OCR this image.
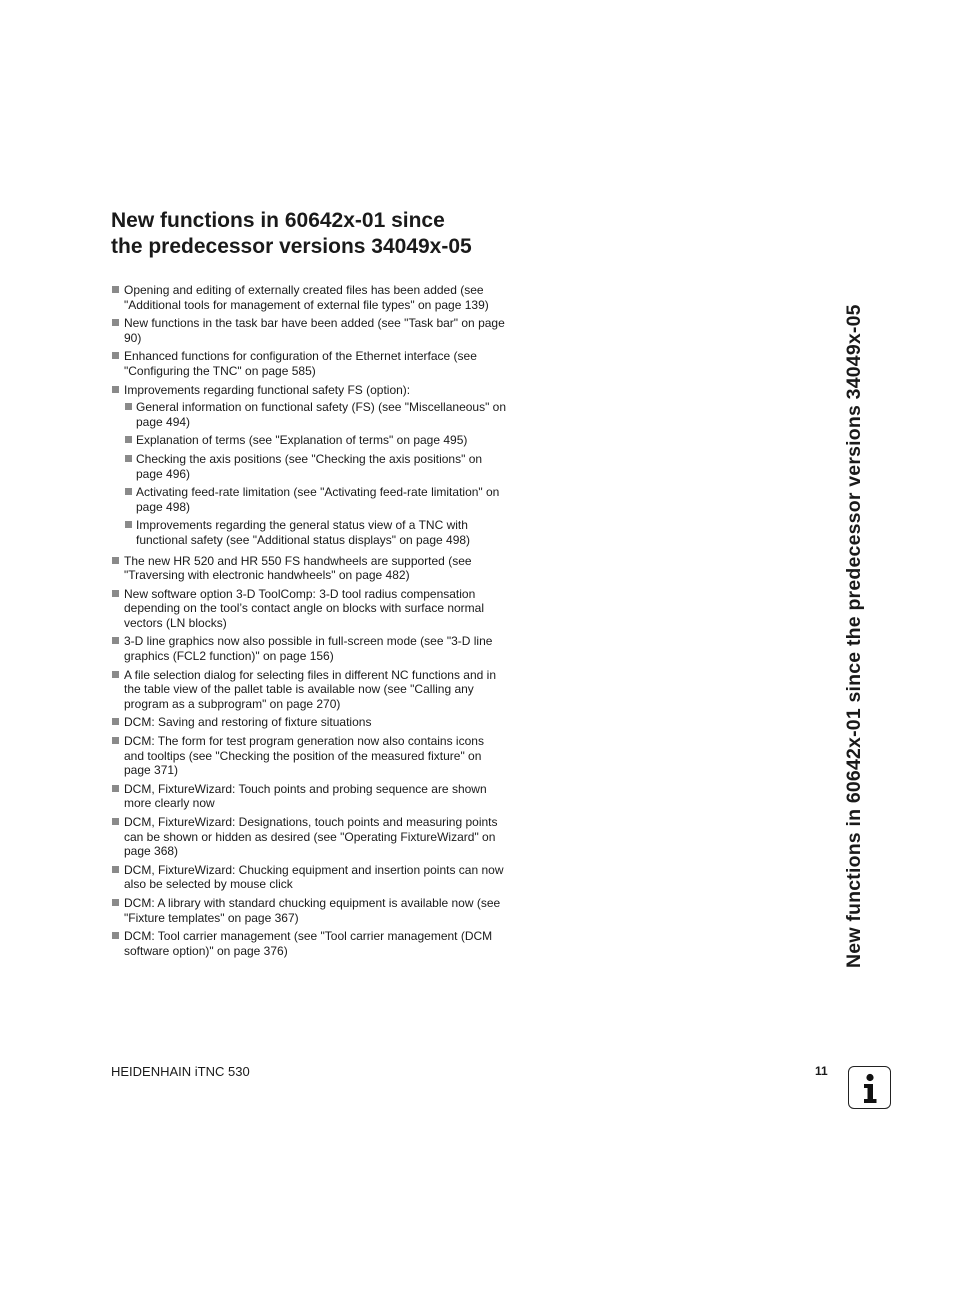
New functions in 60642x-01 since
the predecessor versions 34049x-05
Opening and editing of externally created files has been added (see "Additional tools for management of external file types" on page 139)
New functions in the task bar have been added (see "Task bar" on page 90)
Enhanced functions for configuration of the Ethernet interface (see "Configuring the TNC" on page 585)
Improvements regarding functional safety FS (option):
General information on functional safety (FS) (see "Miscellaneous" on page 494)
Explanation of terms (see "Explanation of terms" on page 495)
Checking the axis positions (see "Checking the axis positions" on page 496)
Activating feed-rate limitation (see "Activating feed-rate limitation" on page 498)
Improvements regarding the general status view of a TNC with functional safety (see "Additional status displays" on page 498)
The new HR 520 and HR 550 FS handwheels are supported (see "Traversing with electronic handwheels" on page 482)
New software option 3-D ToolComp: 3-D tool radius compensation depending on the tool’s contact angle on blocks with surface normal vectors (LN blocks)
3-D line graphics now also possible in full-screen mode (see "3-D line graphics (FCL2 function)" on page 156)
A file selection dialog for selecting files in different NC functions and in the table view of the pallet table is available now (see "Calling any program as a subprogram" on page 270)
DCM: Saving and restoring of fixture situations
DCM: The form for test program generation now also contains icons and tooltips (see "Checking the position of the measured fixture" on page 371)
DCM, FixtureWizard: Touch points and probing sequence are shown more clearly now
DCM, FixtureWizard: Designations, touch points and measuring points can be shown or hidden as desired (see "Operating FixtureWizard" on page 368)
DCM, FixtureWizard: Chucking equipment and insertion points can now also be selected by mouse click
DCM: A library with standard chucking equipment is available now (see "Fixture templates" on page 367)
DCM: Tool carrier management (see "Tool carrier management (DCM software option)" on page 376)	New functions in 60642x-01 since the predecessor versions 34049x-05
HEIDENHAIN iTNC 530	11
